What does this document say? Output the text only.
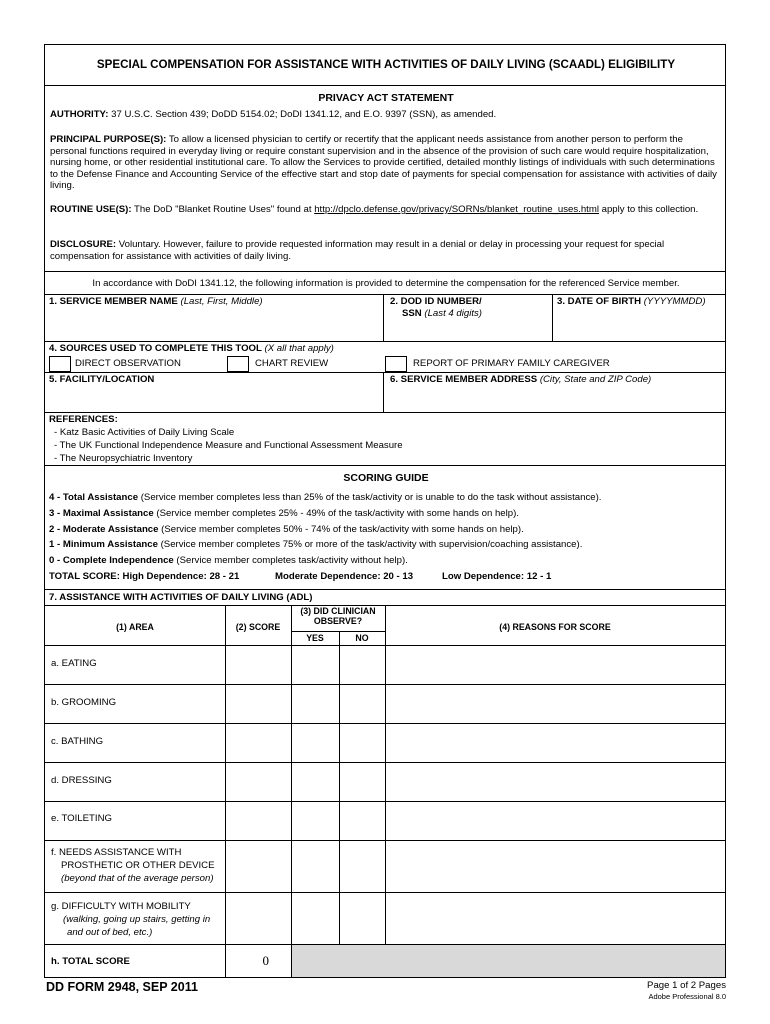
SPECIAL COMPENSATION FOR ASSISTANCE WITH ACTIVITIES OF DAILY LIVING (SCAADL) ELIGIBILITY
PRIVACY ACT STATEMENT
AUTHORITY: 37 U.S.C. Section 439; DoDD 5154.02; DoDI 1341.12, and E.O. 9397 (SSN), as amended.
PRINCIPAL PURPOSE(S): To allow a licensed physician to certify or recertify that the applicant needs assistance from another person to perform the personal functions required in everyday living or require constant supervision and in the absence of the provision of such care would require hospitalization, nursing home, or other residential institutional care. To allow the Services to provide certified, detailed monthly listings of individuals with such determinations to the Defense Finance and Accounting Service of the effective start and stop date of payments for special compensation for assistance with activities of daily living.
ROUTINE USE(S): The DoD "Blanket Routine Uses" found at http://dpclo.defense.gov/privacy/SORNs/blanket_routine_uses.html apply to this collection.
DISCLOSURE: Voluntary. However, failure to provide requested information may result in a denial or delay in processing your request for special compensation for assistance with activities of daily living.
In accordance with DoDI 1341.12, the following information is provided to determine the compensation for the referenced Service member.
1. SERVICE MEMBER NAME (Last, First, Middle)	2. DOD ID NUMBER/
SSN (Last 4 digits)
3. DATE OF BIRTH (YYYYMMDD)
4. SOURCES USED TO COMPLETE THIS TOOL (X all that apply)
DIRECT OBSERVATION	CHART REVIEW	REPORT OF PRIMARY FAMILY CAREGIVER
5. FACILITY/LOCATION	6. SERVICE MEMBER ADDRESS (City, State and ZIP Code)
REFERENCES:
- Katz Basic Activities of Daily Living Scale
- The UK Functional Independence Measure and Functional Assessment Measure
- The Neuropsychiatric Inventory
SCORING GUIDE
4 - Total Assistance (Service member completes less than 25% of the task/activity or is unable to do the task without assistance).
3 - Maximal Assistance (Service member completes 25% - 49% of the task/activity with some hands on help).
2 - Moderate Assistance (Service member completes 50% - 74% of the task/activity with some hands on help).
1 - Minimum Assistance (Service member completes 75% or more of the task/activity with supervision/coaching assistance).
0 - Complete Independence (Service member completes task/activity without help).
TOTAL SCORE: High Dependence: 28 - 21	Moderate Dependence: 20 - 13	Low Dependence: 12 - 1
7. ASSISTANCE WITH ACTIVITIES OF DAILY LIVING (ADL)
(1) AREA	(2) SCORE
(3) DID CLINICIAN
OBSERVE?
YES	NO
(4) REASONS FOR SCORE
a. EATING
b. GROOMING
c. BATHING
d. DRESSING
e. TOILETING
f. NEEDS ASSISTANCE WITH
PROSTHETIC OR OTHER DEVICE
(beyond that of the average person)
g. DIFFICULTY WITH MOBILITY
(walking, going up stairs, getting in
and out of bed, etc.)
h. TOTAL SCORE	0
DD FORM 2948, SEP 2011	Page 1 of 2 Pages
Adobe Professional 8.0
